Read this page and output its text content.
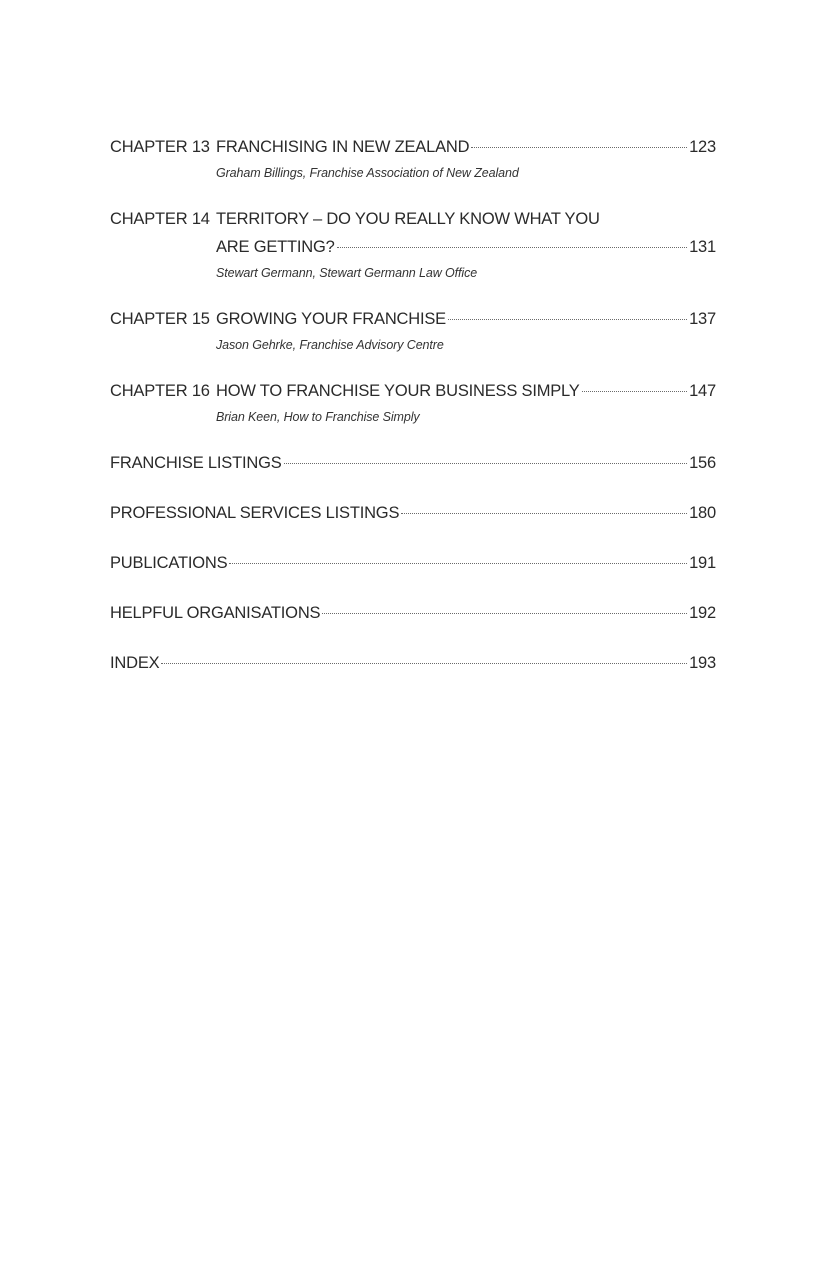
CHAPTER 13 FRANCHISING IN NEW ZEALAND	123
Graham Billings, Franchise Association of New Zealand
CHAPTER 14 TERRITORY – DO YOU REALLY KNOW WHAT YOU
ARE GETTING?	131
Stewart Germann, Stewart Germann Law Office
CHAPTER 15 GROWING YOUR FRANCHISE	137
Jason Gehrke, Franchise Advisory Centre
CHAPTER 16 HOW TO FRANCHISE YOUR BUSINESS SIMPLY	147
Brian Keen, How to Franchise Simply
FRANCHISE LISTINGS	156
PROFESSIONAL SERVICES LISTINGS	180
PUBLICATIONS	191
HELPFUL ORGANISATIONS	192
INDEX	193
